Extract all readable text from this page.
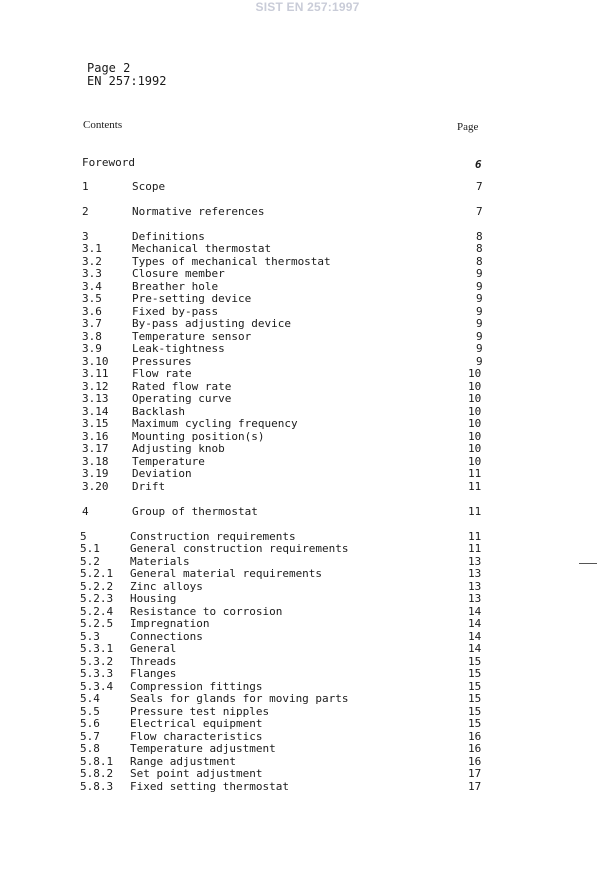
SIST EN 257:1997
Page 2
EN 257:1992
Contents	Page
Foreword	6
1	Scope	7
2	Normative references	7
3	Definitions	8
3.1	Mechanical thermostat	8
3.2	Types of mechanical thermostat	8
3.3	Closure member	9
3.4	Breather hole	9
3.5	Pre-setting device	9
3.6	Fixed by-pass	9
3.7	By-pass adjusting device	9
3.8	Temperature sensor	9
3.9	Leak-tightness	9
3.10 Pressures	9
3.11 Flow rate	10
3.12 Rated flow rate	10
3.13 Operating curve	10
3.14 Backlash	10
3.15 Maximum cycling frequency	10
3.16 Mounting position(s)	10
3.17 Adjusting knob	10
3.18 Temperature	10
3.19 Deviation	11
3.20 Drift	11
4	Group of thermostat	11
5	Construction requirements	11
5.1	General construction requirements	11
5.2	Materials	13
5.2.1 General material requirements	13
5.2.2 Zinc alloys	13
5.2.3 Housing	13
5.2.4 Resistance to corrosion	14
5.2.5 Impregnation	14
5.3	Connections	14
5.3.1 General	14
5.3.2 Threads	15
5.3.3 Flanges	15
5.3.4 Compression fittings	15
5.4	Seals for glands for moving parts	15
5.5	Pressure test nipples	15
5.6	Electrical equipment	15
5.7	Flow characteristics	16
5.8	Temperature adjustment	16
5.8.1 Range adjustment	16
5.8.2 Set point adjustment	17
5.8.3 Fixed setting thermostat	17
